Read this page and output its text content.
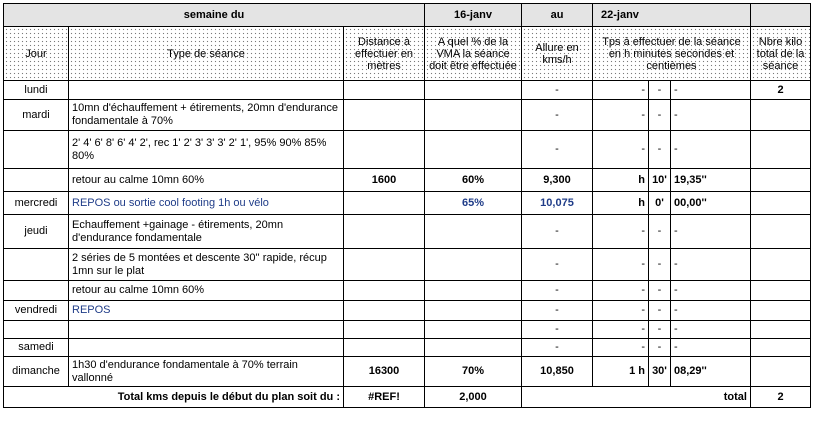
semaine du			16-janv	au	22-janv			
Jour	Type de séance	Distance à effectuer en mètres	A quel % de la VMA la séance doit être effectuée	Allure en kms/h	Tps à effectuer de la séance en h minutes secondes et centièmes			Nbre kilo total de la séance
lundi				-	-	-	-	2
mardi	10mn d'échauffement + étirements, 20mn d'endurance fondamentale à 70%			-	-	-	-	
	2' 4' 6' 8' 6' 4' 2', rec 1' 2' 3' 3' 3' 2' 1', 95% 90% 85% 80%			-	-	-	-	
	retour au calme 10mn 60%	1600	60%	9,300	h	10'	19,35''	
mercredi	REPOS ou sortie cool footing 1h ou vélo		65%	10,075	h	0'	00,00''	
jeudi	Echauffement +gainage - étirements, 20mn d'endurance fondamentale			-	-	-	-	
	2 séries de 5 montées et descente 30'' rapide, récup 1mn sur le plat			-	-	-	-	
	retour au calme 10mn 60%			-	-	-	-	
vendredi	REPOS			-	-	-	-	
				-	-	-	-	
samedi				-	-	-	-	
dimanche	1h30 d'endurance fondamentale à 70% terrain vallonné	16300	70%	10,850	1 h	30'	08,29''	
Total kms depuis le début du plan soit du :		#REF!	2,000	total				2
